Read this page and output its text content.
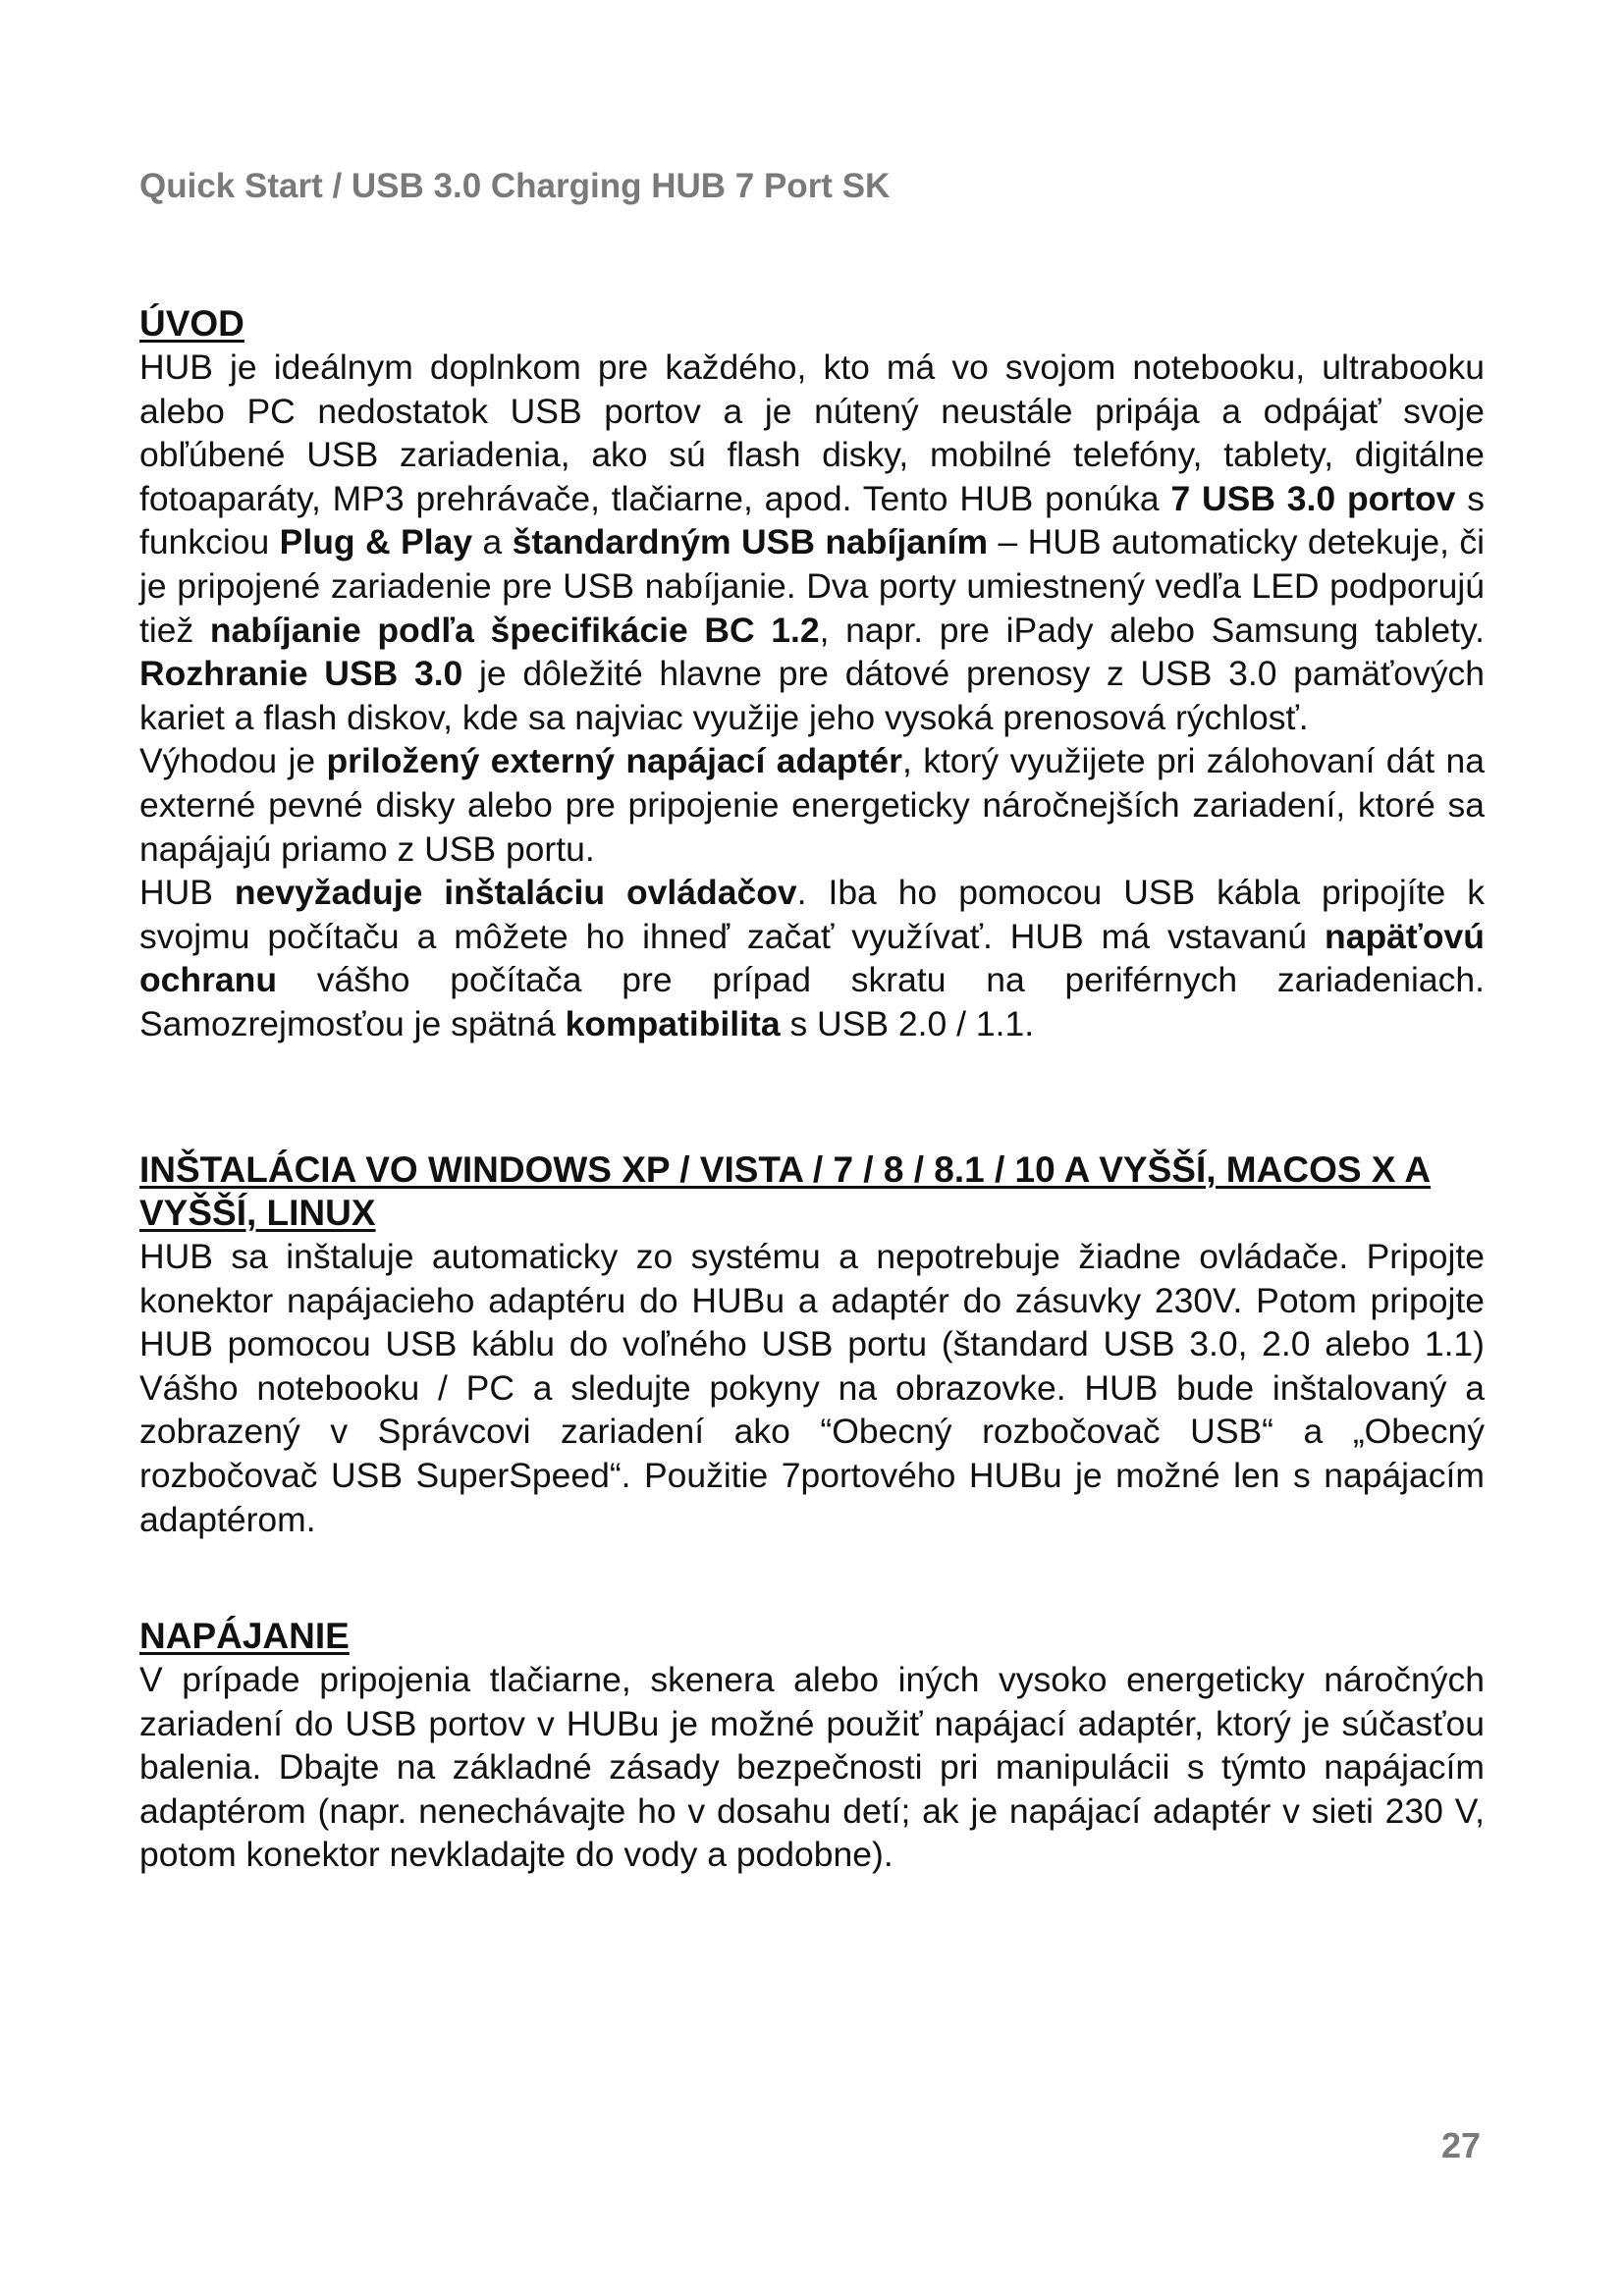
Quick Start / USB 3.0 Charging HUB 7 Port SK
ÚVOD

HUB je ideálnym doplnkom pre každého, kto má vo svojom notebooku, ultrabooku alebo PC nedostatok USB portov a je nútený neustále pripája a odpájať svoje obľúbené USB zariadenia, ako sú flash disky, mobilné telefóny, tablety, digitálne fotoaparáty, MP3 prehrávače, tlačiarne, apod. Tento HUB ponúka 7 USB 3.0 portov s funkciou Plug & Play a štandardným USB nabíjaním – HUB automaticky detekuje, či je pripojené zariadenie pre USB nabíjanie. Dva porty umiestnený vedľa LED podporujú tiež nabíjanie podľa špecifikácie BC 1.2, napr. pre iPady alebo Samsung tablety. Rozhranie USB 3.0 je dôležité hlavne pre dátové prenosy z USB 3.0 pamäťových kariet a flash diskov, kde sa najviac využije jeho vysoká prenosová rýchlosť.

Výhodou je priložený externý napájací adaptér, ktorý využijete pri zálohovaní dát na externé pevné disky alebo pre pripojenie energeticky náročnejších zariadení, ktoré sa napájajú priamo z USB portu.

HUB nevyžaduje inštaláciu ovládačov. Iba ho pomocou USB kábla pripojíte k svojmu počítaču a môžete ho ihneď začať využívať. HUB má vstavanú napäťovú ochranu vášho počítača pre prípad skratu na periférnych zariadeniach. Samozrejmosťou je spätná kompatibilita s USB 2.0 / 1.1.

INŠTALÁCIA VO WINDOWS XP / VISTA / 7 / 8 / 8.1 / 10 A VYŠŠÍ, MACOS X A VYŠŠÍ, LINUX

HUB sa inštaluje automaticky zo systému a nepotrebuje žiadne ovládače. Pripojte konektor napájacieho adaptéru do HUBu a adaptér do zásuvky 230V. Potom pripojte HUB pomocou USB káblu do voľného USB portu (štandard USB 3.0, 2.0 alebo 1.1) Vášho notebooku / PC a sledujte pokyny na obrazovke. HUB bude inštalovaný a zobrazený v Správcovi zariadení ako “Obecný rozbočovač USB“ a „Obecný rozbočovač USB SuperSpeed“. Použitie 7portového HUBu je možné len s napájacím adaptérom.

NAPÁJANIE

V prípade pripojenia tlačiarne, skenera alebo iných vysoko energeticky náročných zariadení do USB portov v HUBu je možné použiť napájací adaptér, ktorý je súčasťou balenia. Dbajte na základné zásady bezpečnosti pri manipulácii s týmto napájacím adaptérom (napr. nenechávajte ho v dosahu detí; ak je napájací adaptér v sieti 230 V, potom konektor nevkladajte do vody a podobne).

27
